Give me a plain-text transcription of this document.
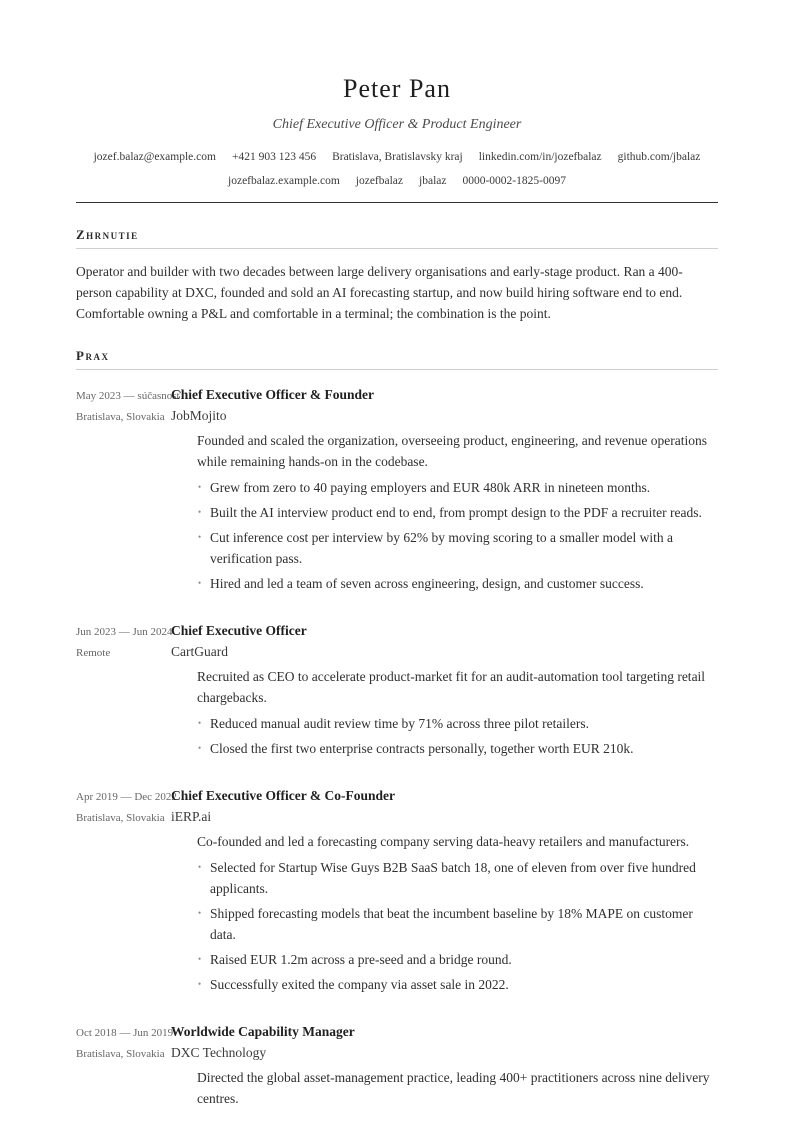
Peter Pan
Chief Executive Officer & Product Engineer
jozef.balaz@example.com +421 903 123 456 Bratislava, Bratislavsky kraj linkedin.com/in/jozefbalaz github.com/jbalaz
jozefbalaz.example.com jozefbalaz jbalaz 0000-0002-1825-0097
Zhrnutie

Operator and builder with two decades between large delivery organisations and early-stage product. Ran a 400-person capability at DXC, founded and sold an AI forecasting startup, and now build hiring software end to end. Comfortable owning a P&L and comfortable in a terminal; the combination is the point.

Prax
May 2023 — súčasnosť
Bratislava, Slovakia
Chief Executive Officer & Founder
JobMojito

Founded and scaled the organization, overseeing product, engineering, and revenue operations while remaining hands-on in the codebase.

• Grew from zero to 40 paying employers and EUR 480k ARR in nineteen months.
• Built the AI interview product end to end, from prompt design to the PDF a recruiter reads.
• Cut inference cost per interview by 62% by moving scoring to a smaller model with a verification pass.
• Hired and led a team of seven across engineering, design, and customer success.
Jun 2023 — Jun 2024
Remote
Chief Executive Officer
CartGuard

Recruited as CEO to accelerate product-market fit for an audit-automation tool targeting retail chargebacks.

• Reduced manual audit review time by 71% across three pilot retailers.
• Closed the first two enterprise contracts personally, together worth EUR 210k.
Apr 2019 — Dec 2022
Bratislava, Slovakia
Chief Executive Officer & Co-Founder
iERP.ai

Co-founded and led a forecasting company serving data-heavy retailers and manufacturers.

• Selected for Startup Wise Guys B2B SaaS batch 18, one of eleven from over five hundred applicants.
• Shipped forecasting models that beat the incumbent baseline by 18% MAPE on customer data.
• Raised EUR 1.2m across a pre-seed and a bridge round.
• Successfully exited the company via asset sale in 2022.
Oct 2018 — Jun 2019
Bratislava, Slovakia
Worldwide Capability Manager
DXC Technology

Directed the global asset-management practice, leading 400+ practitioners across nine delivery centres.
